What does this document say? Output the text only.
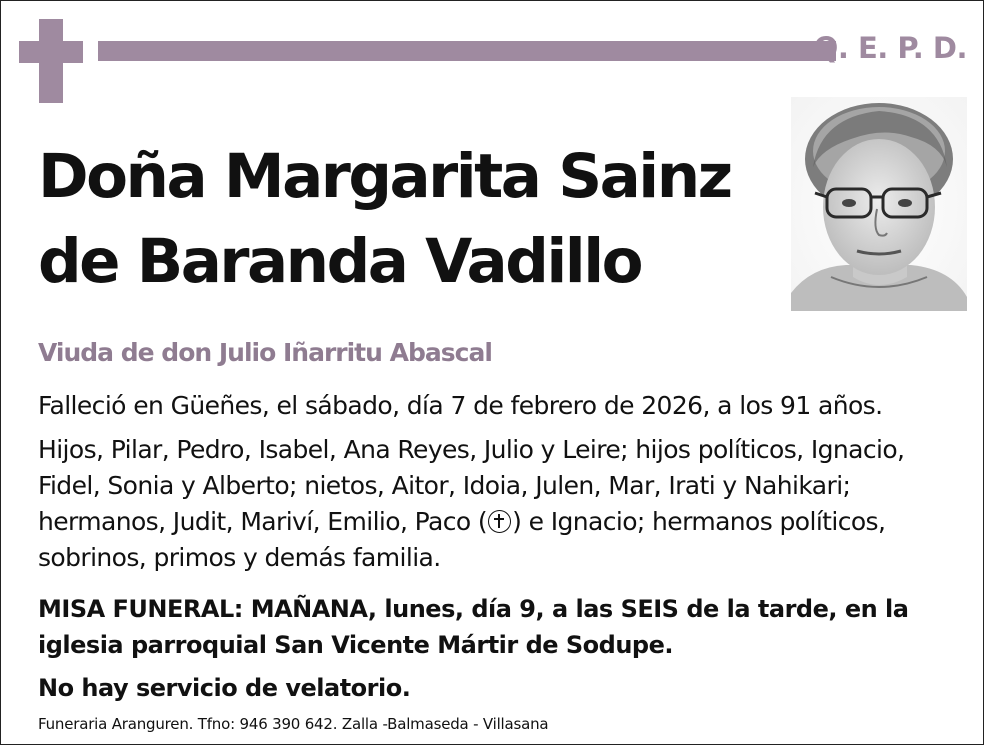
Q. E. P. D.
Doña Margarita Sainz
de Baranda Vadillo
Viuda de don Julio Iñarritu Abascal
Falleció en Güeñes, el sábado, día 7 de febrero de 2026, a los 91 años.
Hijos, Pilar, Pedro, Isabel, Ana Reyes, Julio y Leire; hijos políticos, Ignacio, Fidel, Sonia y Alberto; nietos, Aitor, Idoia, Julen, Mar, Irati y Nahikari; hermanos, Judit, Mariví, Emilio, Paco ( ) e Ignacio; hermanos políticos, sobrinos, primos y demás familia.
MISA FUNERAL: MAÑANA, lunes, día 9, a las SEIS de la tarde, en la iglesia parroquial San Vicente Mártir de Sodupe.
No hay servicio de velatorio.
Funeraria Aranguren. Tfno: 946 390 642. Zalla -Balmaseda - Villasana
